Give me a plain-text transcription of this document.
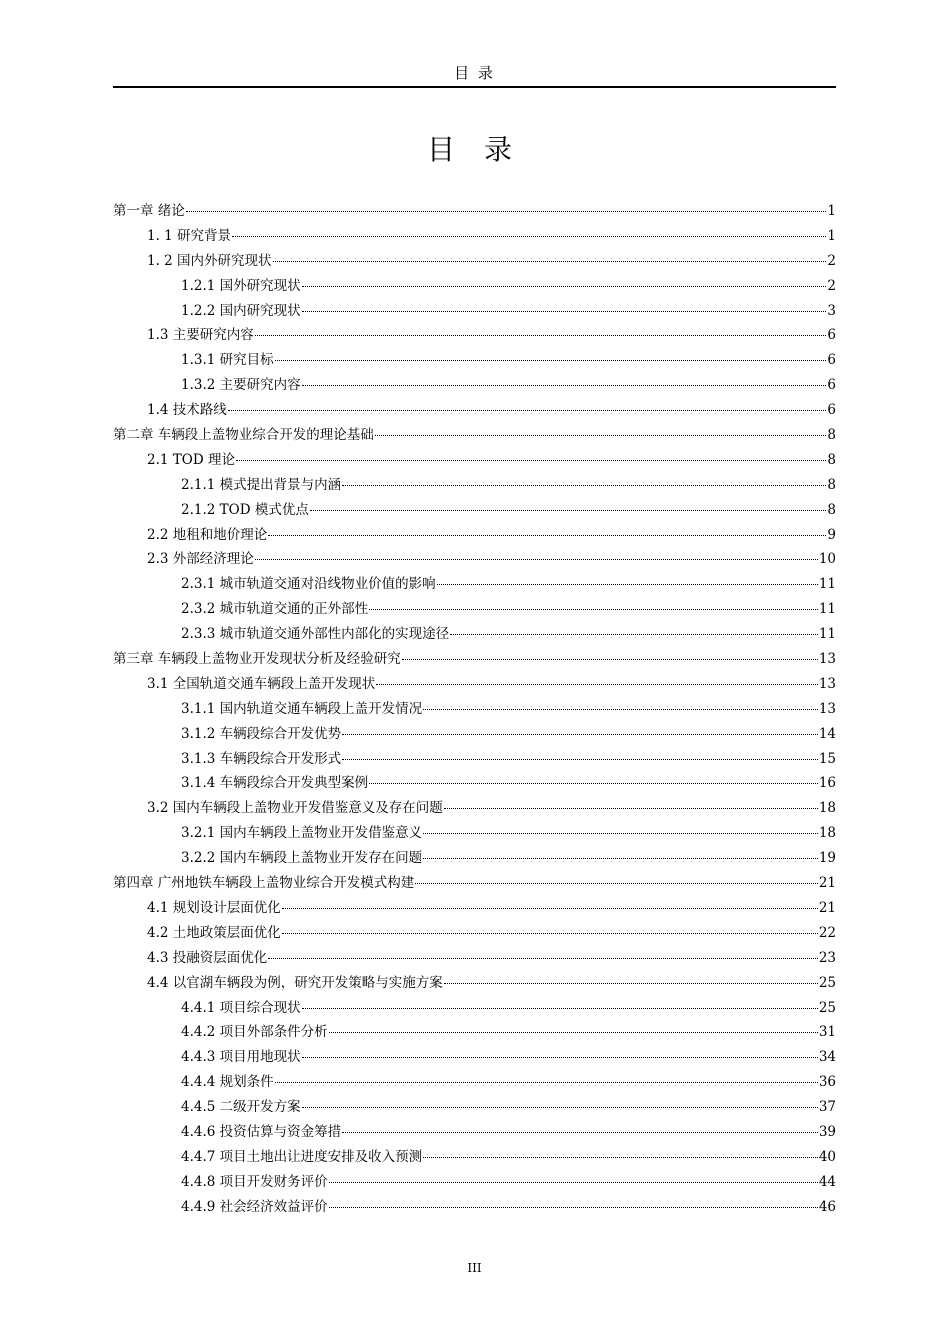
目 录
目 录
第一章 绪论	1
1. 1 研究背景	1
1. 2 国内外研究现状	2
1.2.1 国外研究现状	2
1.2.2 国内研究现状	3
1.3 主要研究内容	6
1.3.1 研究目标	6
1.3.2 主要研究内容	6
1.4 技术路线	6
第二章 车辆段上盖物业综合开发的理论基础	8
2.1 TOD 理论	8
2.1.1 模式提出背景与内涵	8
2.1.2 TOD 模式优点	8
2.2 地租和地价理论	9
2.3 外部经济理论	10
2.3.1 城市轨道交通对沿线物业价值的影响	11
2.3.2 城市轨道交通的正外部性	11
2.3.3 城市轨道交通外部性内部化的实现途径	11
第三章 车辆段上盖物业开发现状分析及经验研究	13
3.1 全国轨道交通车辆段上盖开发现状	13
3.1.1 国内轨道交通车辆段上盖开发情况	13
3.1.2 车辆段综合开发优势	14
3.1.3 车辆段综合开发形式	15
3.1.4 车辆段综合开发典型案例	16
3.2 国内车辆段上盖物业开发借鉴意义及存在问题	18
3.2.1 国内车辆段上盖物业开发借鉴意义	18
3.2.2 国内车辆段上盖物业开发存在问题	19
第四章 广州地铁车辆段上盖物业综合开发模式构建	21
4.1 规划设计层面优化	21
4.2 土地政策层面优化	22
4.3 投融资层面优化	23
4.4 以官湖车辆段为例，研究开发策略与实施方案	25
4.4.1 项目综合现状	25
4.4.2 项目外部条件分析	31
4.4.3 项目用地现状	34
4.4.4 规划条件	36
4.4.5 二级开发方案	37
4.4.6 投资估算与资金筹措	39
4.4.7 项目土地出让进度安排及收入预测	40
4.4.8 项目开发财务评价	44
4.4.9 社会经济效益评价	46
III
